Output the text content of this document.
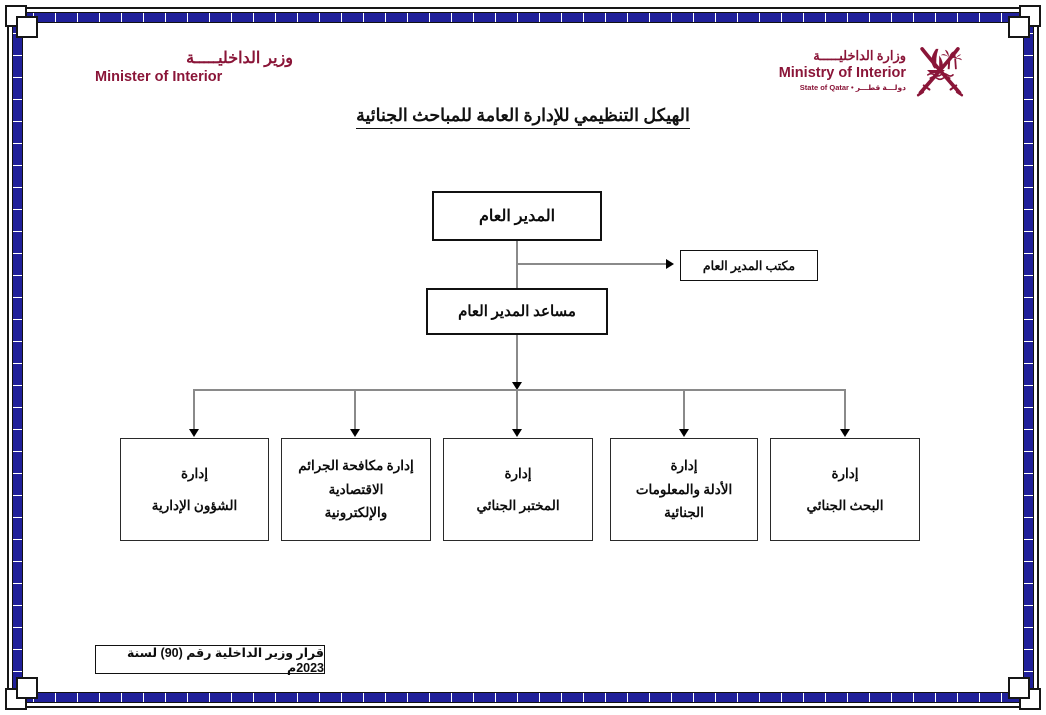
وزير الداخليـــــة
Minister of Interior
وزارة الداخليـــــة
Ministry of Interior
State of Qatar • دولـــة قطـــر
الهيكل التنظيمي للإدارة العامة للمباحث الجنائية
المدير العام
مكتب المدير العام
مساعد المدير العام
إدارة
البحث الجنائي
إدارة
الأدلة والمعلومات
الجنائية
إدارة
المختبر الجنائي
إدارة مكافحة الجرائم
الاقتصادية
والإلكترونية
إدارة
الشؤون الإدارية
قرار وزير الداخلية رقم (90) لسنة 2023م
